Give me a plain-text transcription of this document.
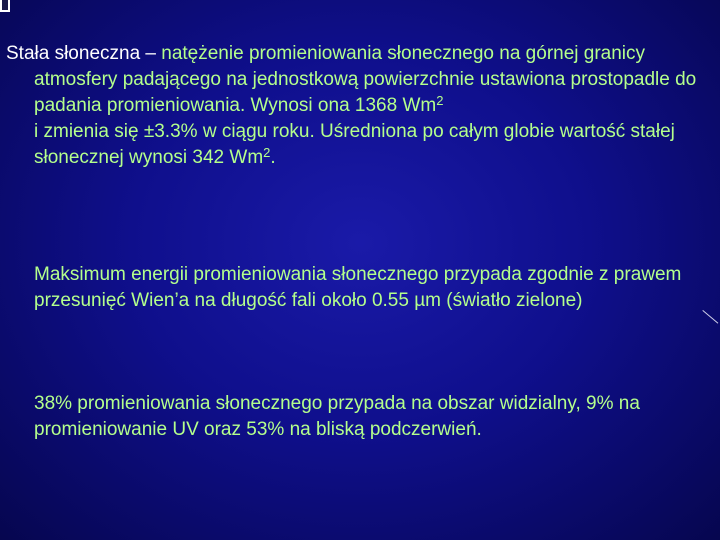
Stała słoneczna – natężenie promieniowania słonecznego na górnej granicy atmosfery padającego na jednostkową powierzchnie ustawiona prostopadle do padania promieniowania. Wynosi ona 1368 Wm$^2$
i zmienia się ±3.3% w ciągu roku. Uśredniona po całym globie wartość stałej słonecznej wynosi 342 Wm$^2$.
Maksimum energii promieniowania słonecznego przypada zgodnie z prawem przesunięć Wien’a na długość fali około 0.55 µm (światło zielone)
38% promieniowania słonecznego przypada na obszar widzialny, 9% na promieniowanie UV oraz 53% na bliską podczerwień.
